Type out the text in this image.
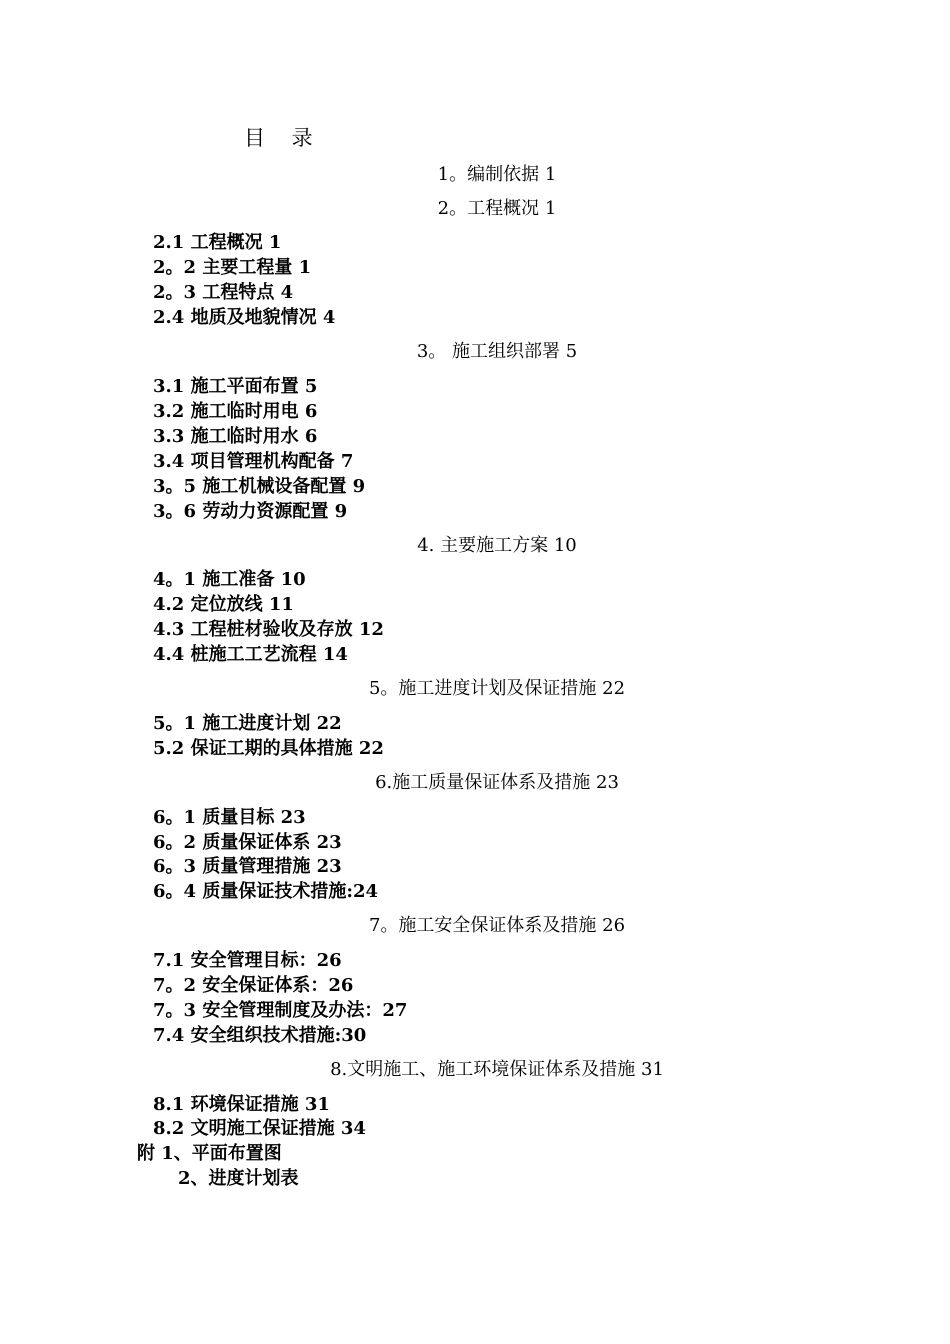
目 录
1。编制依据 1
2。工程概况 1
2.1 工程概况 1
2。2 主要工程量 1
2。3 工程特点 4
2.4 地质及地貌情况 4
3。 施工组织部署 5
3.1 施工平面布置 5
3.2 施工临时用电 6
3.3 施工临时用水 6
3.4 项目管理机构配备 7
3。5 施工机械设备配置 9
3。6 劳动力资源配置 9
4. 主要施工方案 10
4。1 施工准备 10
4.2 定位放线 11
4.3 工程桩材验收及存放 12
4.4 桩施工工艺流程 14
5。施工进度计划及保证措施 22
5。1 施工进度计划 22
5.2 保证工期的具体措施 22
6.施工质量保证体系及措施 23
6。1 质量目标 23
6。2 质量保证体系 23
6。3 质量管理措施 23
6。4 质量保证技术措施:24
7。施工安全保证体系及措施 26
7.1 安全管理目标：26
7。2 安全保证体系：26
7。3 安全管理制度及办法：27
7.4 安全组织技术措施:30
8.文明施工、施工环境保证体系及措施 31
8.1 环境保证措施 31
8.2 文明施工保证措施 34
附 1、平面布置图
2、进度计划表
